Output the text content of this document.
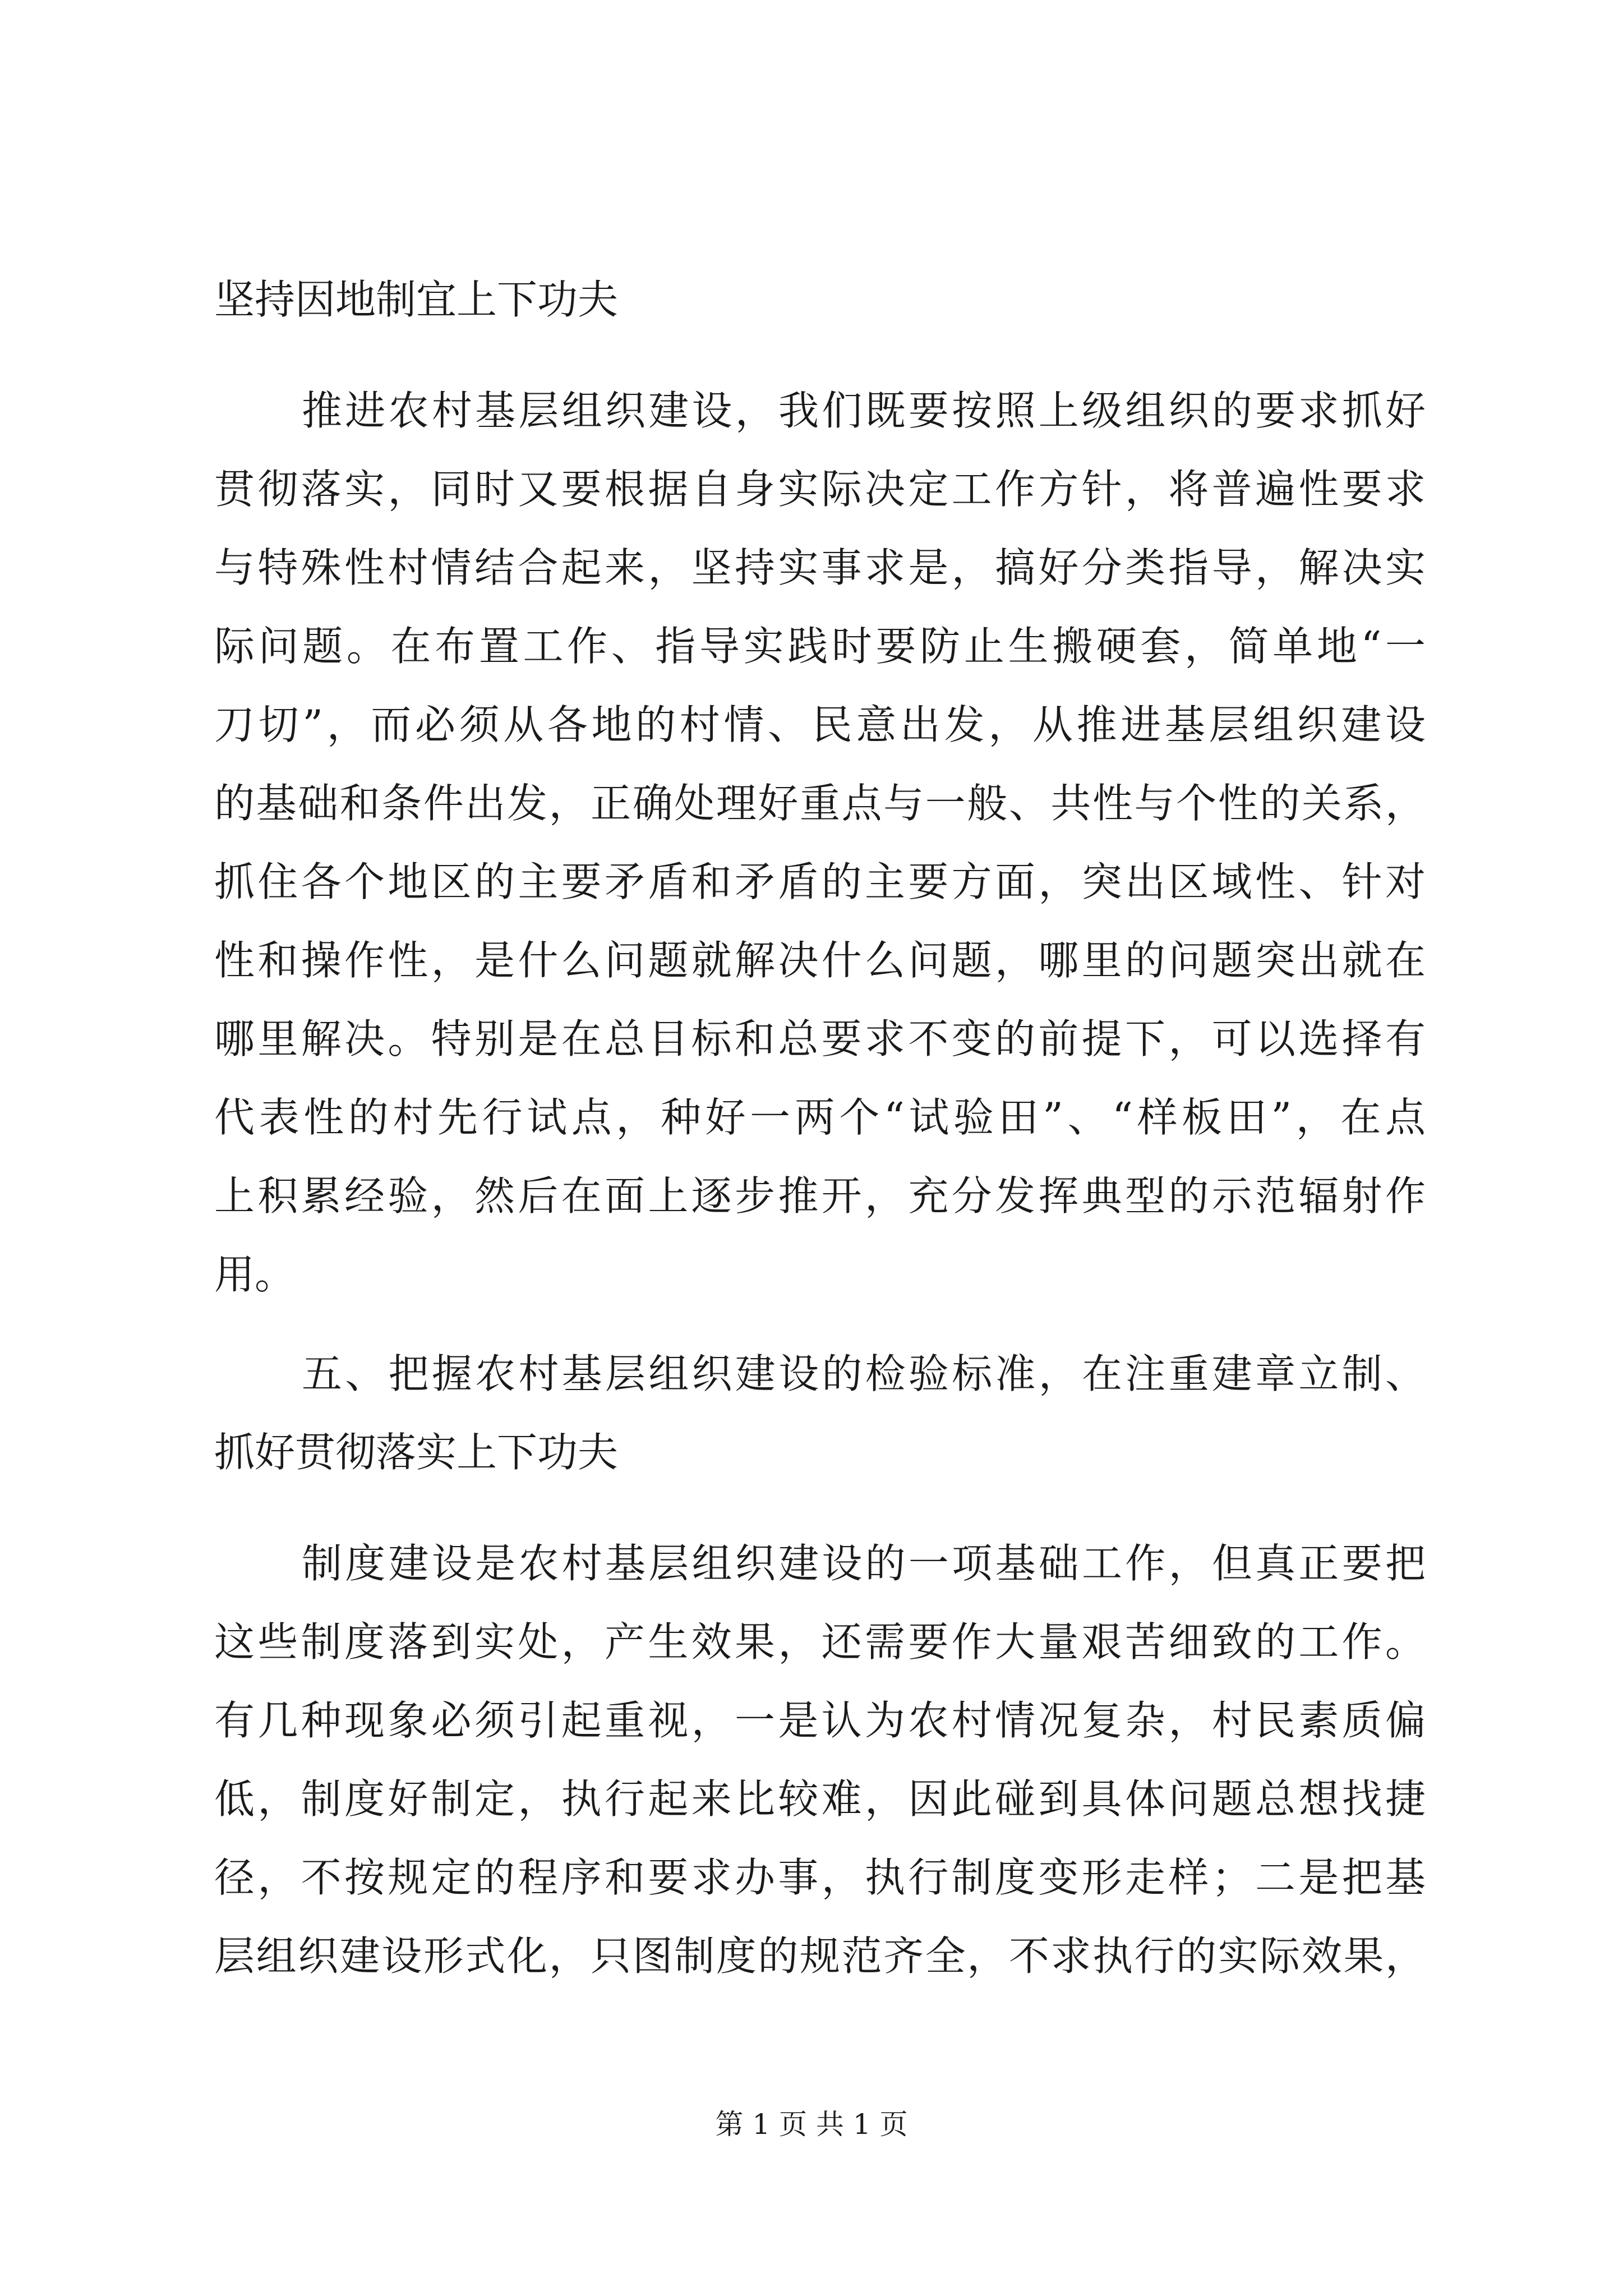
坚持因地制宜上下功夫
推进农村基层组织建设，我们既要按照上级组织的要求抓好
贯彻落实，同时又要根据自身实际决定工作方针，将普遍性要求
与特殊性村情结合起来，坚持实事求是，搞好分类指导，解决实
际问题。在布置工作、指导实践时要防止生搬硬套，简单地“一
刀切”，而必须从各地的村情、民意出发，从推进基层组织建设
的基础和条件出发，正确处理好重点与一般、共性与个性的关系，
抓住各个地区的主要矛盾和矛盾的主要方面，突出区域性、针对
性和操作性，是什么问题就解决什么问题，哪里的问题突出就在
哪里解决。特别是在总目标和总要求不变的前提下，可以选择有
代表性的村先行试点，种好一两个“试验田”、“样板田”，在点
上积累经验，然后在面上逐步推开，充分发挥典型的示范辐射作
用。
五、把握农村基层组织建设的检验标准，在注重建章立制、
抓好贯彻落实上下功夫
制度建设是农村基层组织建设的一项基础工作，但真正要把
这些制度落到实处，产生效果，还需要作大量艰苦细致的工作。
有几种现象必须引起重视，一是认为农村情况复杂，村民素质偏
低，制度好制定，执行起来比较难，因此碰到具体问题总想找捷
径，不按规定的程序和要求办事，执行制度变形走样；二是把基
层组织建设形式化，只图制度的规范齐全，不求执行的实际效果，
第 1 页 共 1 页
